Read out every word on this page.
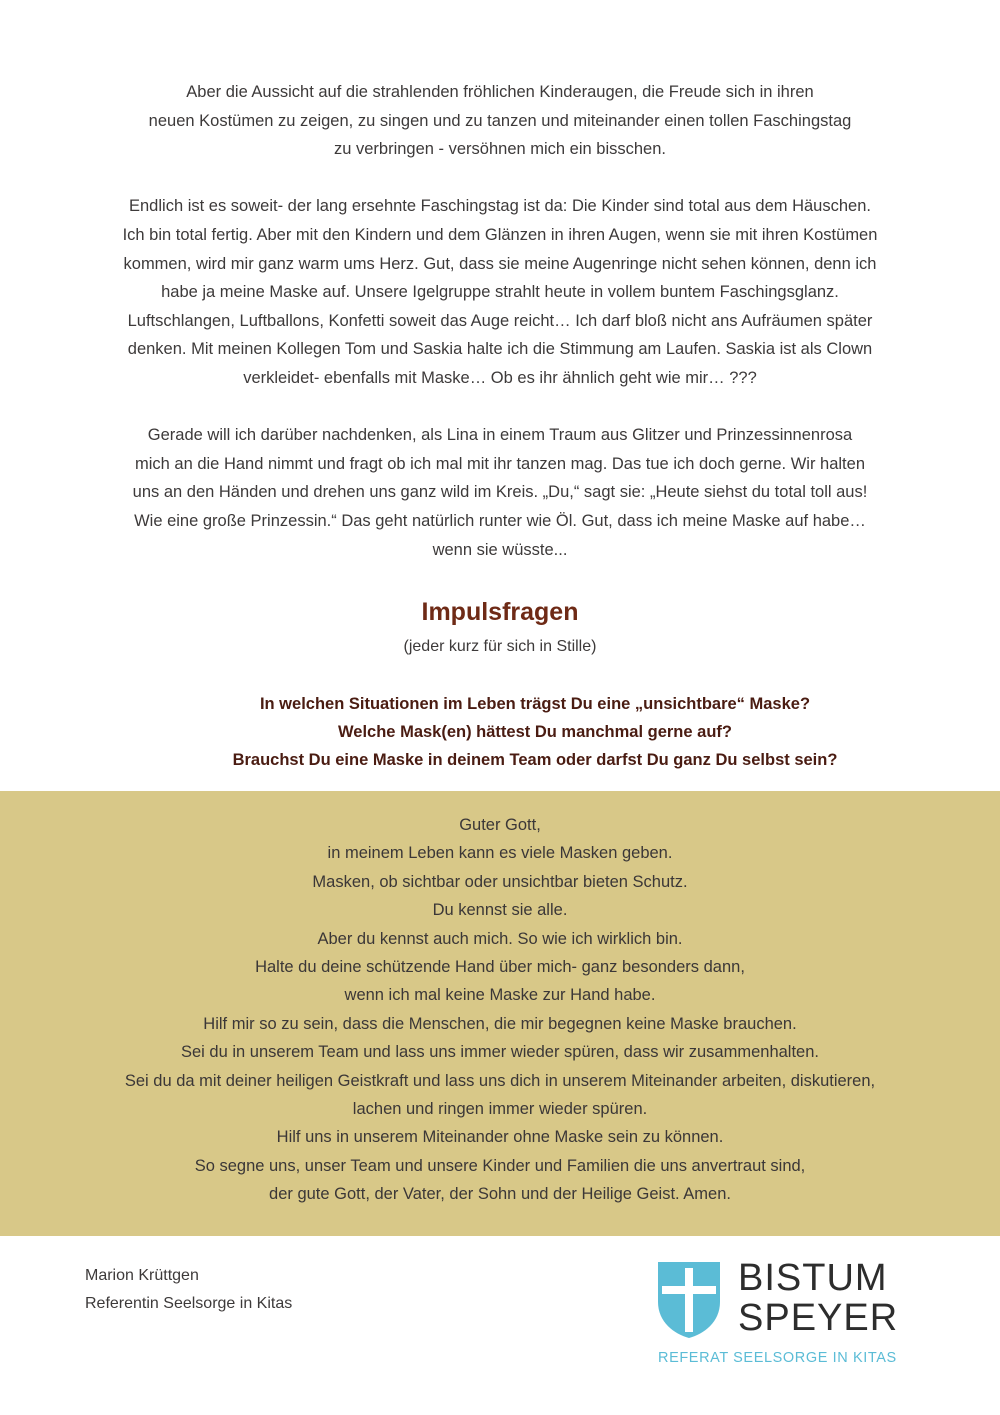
Aber die Aussicht auf die strahlenden fröhlichen Kinderaugen, die Freude sich in ihren
neuen Kostümen zu zeigen, zu singen und zu tanzen und miteinander einen tollen Faschingstag
zu verbringen - versöhnen mich ein bisschen.

Endlich ist es soweit- der lang ersehnte Faschingstag ist da: Die Kinder sind total aus dem Häuschen.
Ich bin total fertig. Aber mit den Kindern und dem Glänzen in ihren Augen, wenn sie mit ihren Kostümen
kommen, wird mir ganz warm ums Herz. Gut, dass sie meine Augenringe nicht sehen können, denn ich
habe ja meine Maske auf. Unsere Igelgruppe strahlt heute in vollem buntem Faschingsglanz.
Luftschlangen, Luftballons, Konfetti soweit das Auge reicht… Ich darf bloß nicht ans Aufräumen später
denken. Mit meinen Kollegen Tom und Saskia halte ich die Stimmung am Laufen. Saskia ist als Clown
verkleidet- ebenfalls mit Maske… Ob es ihr ähnlich geht wie mir… ???

Gerade will ich darüber nachdenken, als Lina in einem Traum aus Glitzer und Prinzessinnenrosa
mich an die Hand nimmt und fragt ob ich mal mit ihr tanzen mag. Das tue ich doch gerne. Wir halten
uns an den Händen und drehen uns ganz wild im Kreis. „Du,“ sagt sie: „Heute siehst du total toll aus!
Wie eine große Prinzessin.“ Das geht natürlich runter wie Öl. Gut, dass ich meine Maske auf habe…
wenn sie wüsste...

Impulsfragen
(jeder kurz für sich in Stille)
In welchen Situationen im Leben trägst Du eine „unsichtbare“ Maske?
Welche Mask(en) hättest Du manchmal gerne auf?
Brauchst Du eine Maske in deinem Team oder darfst Du ganz Du selbst sein?
Guter Gott,
in meinem Leben kann es viele Masken geben.
Masken, ob sichtbar oder unsichtbar bieten Schutz.
Du kennst sie alle.
Aber du kennst auch mich. So wie ich wirklich bin.
Halte du deine schützende Hand über mich- ganz besonders dann,
wenn ich mal keine Maske zur Hand habe.
Hilf mir so zu sein, dass die Menschen, die mir begegnen keine Maske brauchen.
Sei du in unserem Team und lass uns immer wieder spüren, dass wir zusammenhalten.
Sei du da mit deiner heiligen Geistkraft und lass uns dich in unserem Miteinander arbeiten, diskutieren,
lachen und ringen immer wieder spüren.
Hilf uns in unserem Miteinander ohne Maske sein zu können.
So segne uns, unser Team und unsere Kinder und Familien die uns anvertraut sind,
der gute Gott, der Vater, der Sohn und der Heilige Geist. Amen.
Marion Krüttgen
Referentin Seelsorge in Kitas
BISTUM
SPEYER
REFERAT SEELSORGE IN KITAS
